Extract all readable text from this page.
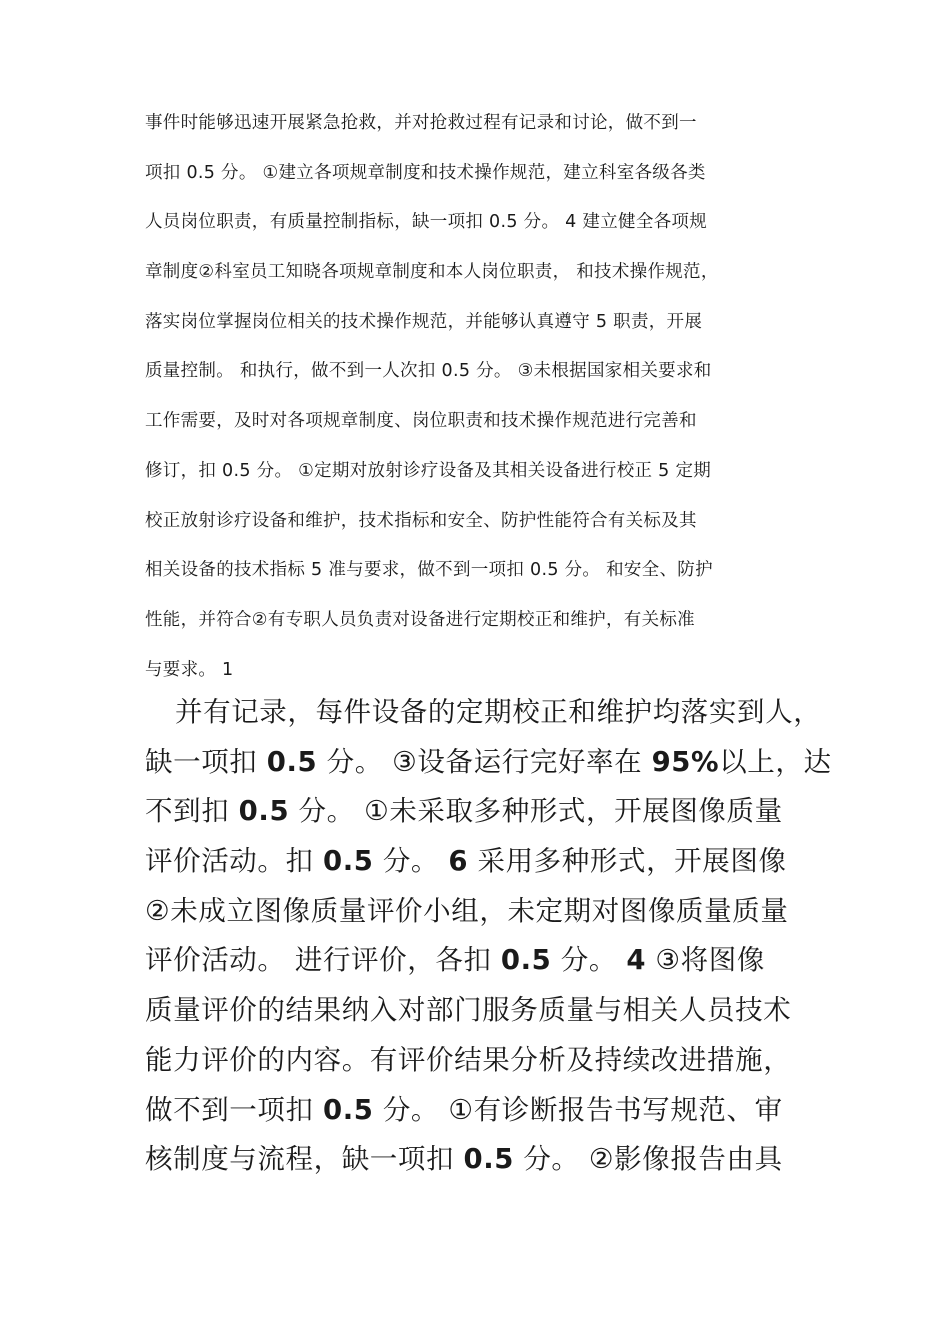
事件时能够迅速开展紧急抢救，并对抢救过程有记录和讨论，做不到一
项扣 0.5 分。 ①建立各项规章制度和技术操作规范，建立科室各级各类
人员岗位职责，有质量控制指标，缺一项扣 0.5 分。 4 建立健全各项规
章制度②科室员工知晓各项规章制度和本人岗位职责， 和技术操作规范，
落实岗位掌握岗位相关的技术操作规范，并能够认真遵守 5 职责，开展
质量控制。 和执行，做不到一人次扣 0.5 分。 ③未根据国家相关要求和
工作需要，及时对各项规章制度、岗位职责和技术操作规范进行完善和
修订，扣 0.5 分。 ①定期对放射诊疗设备及其相关设备进行校正 5 定期
校正放射诊疗设备和维护，技术指标和安全、防护性能符合有关标及其
相关设备的技术指标 5 准与要求，做不到一项扣 0.5 分。 和安全、防护
性能，并符合②有专职人员负责对设备进行定期校正和维护，有关标准
与要求。 1
并有记录，每件设备的定期校正和维护均落实到人，
缺一项扣 0.5 分。 ③设备运行完好率在 95%以上，达
不到扣 0.5 分。 ①未采取多种形式，开展图像质量
评价活动。扣 0.5 分。 6 采用多种形式，开展图像
②未成立图像质量评价小组，未定期对图像质量质量
评价活动。 进行评价，各扣 0.5 分。 4 ③将图像
质量评价的结果纳入对部门服务质量与相关人员技术
能力评价的内容。有评价结果分析及持续改进措施，
做不到一项扣 0.5 分。 ①有诊断报告书写规范、审
核制度与流程，缺一项扣 0.5 分。 ②影像报告由具
